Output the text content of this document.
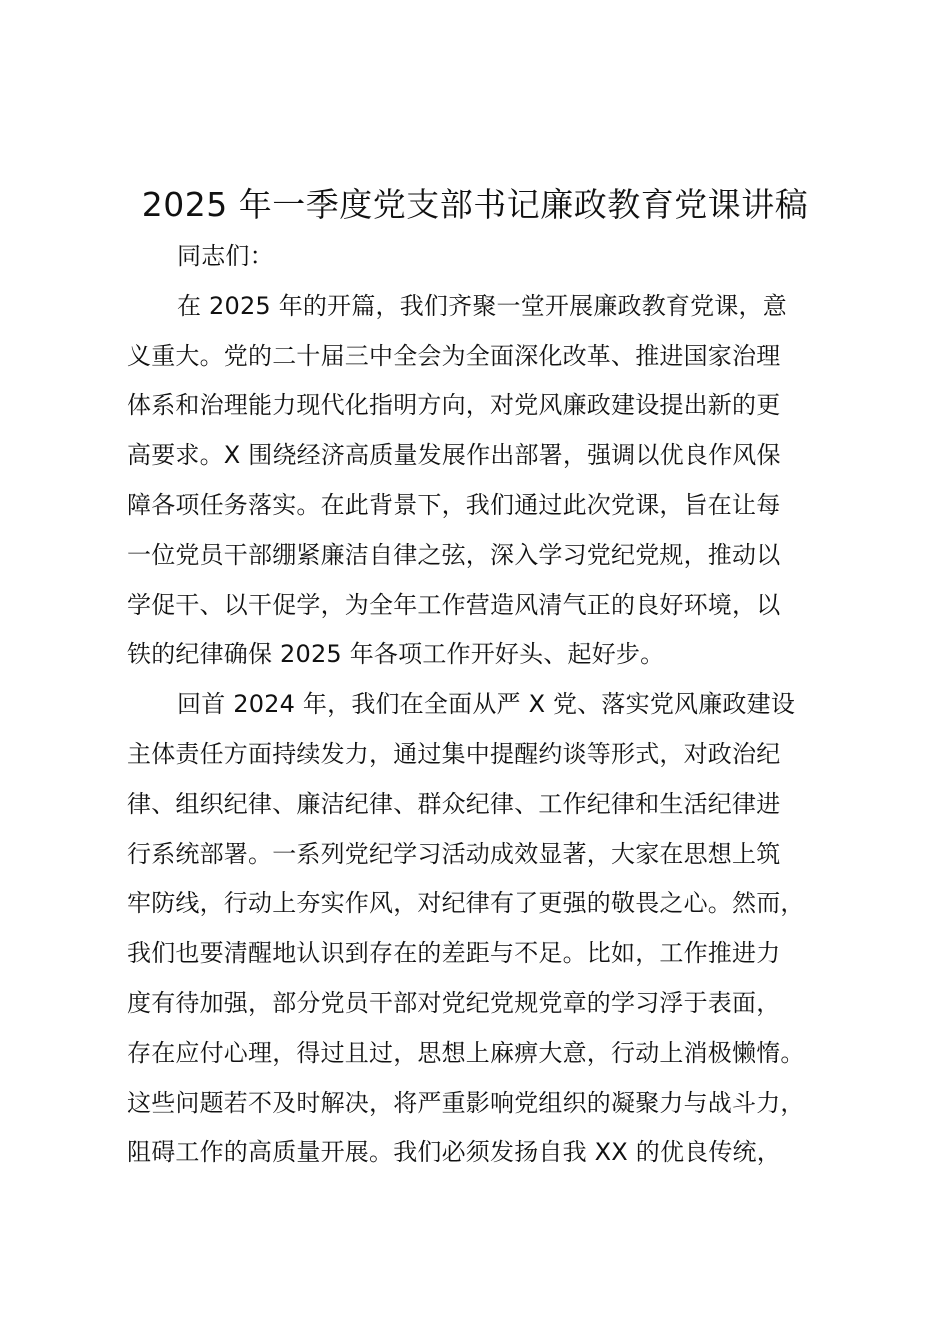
2025 年一季度党支部书记廉政教育党课讲稿
同志们：
在 2025 年的开篇，我们齐聚一堂开展廉政教育党课，意
义重大。党的二十届三中全会为全面深化改革、推进国家治理
体系和治理能力现代化指明方向，对党风廉政建设提出新的更
高要求。X 围绕经济高质量发展作出部署，强调以优良作风保
障各项任务落实。在此背景下，我们通过此次党课，旨在让每
一位党员干部绷紧廉洁自律之弦，深入学习党纪党规，推动以
学促干、以干促学，为全年工作营造风清气正的良好环境，以
铁的纪律确保 2025 年各项工作开好头、起好步。
回首 2024 年，我们在全面从严 X 党、落实党风廉政建设
主体责任方面持续发力，通过集中提醒约谈等形式，对政治纪
律、组织纪律、廉洁纪律、群众纪律、工作纪律和生活纪律进
行系统部署。一系列党纪学习活动成效显著，大家在思想上筑
牢防线，行动上夯实作风，对纪律有了更强的敬畏之心。然而，
我们也要清醒地认识到存在的差距与不足。比如，工作推进力
度有待加强，部分党员干部对党纪党规党章的学习浮于表面，
存在应付心理，得过且过，思想上麻痹大意，行动上消极懒惰。
这些问题若不及时解决，将严重影响党组织的凝聚力与战斗力，
阻碍工作的高质量开展。我们必须发扬自我 XX 的优良传统，
